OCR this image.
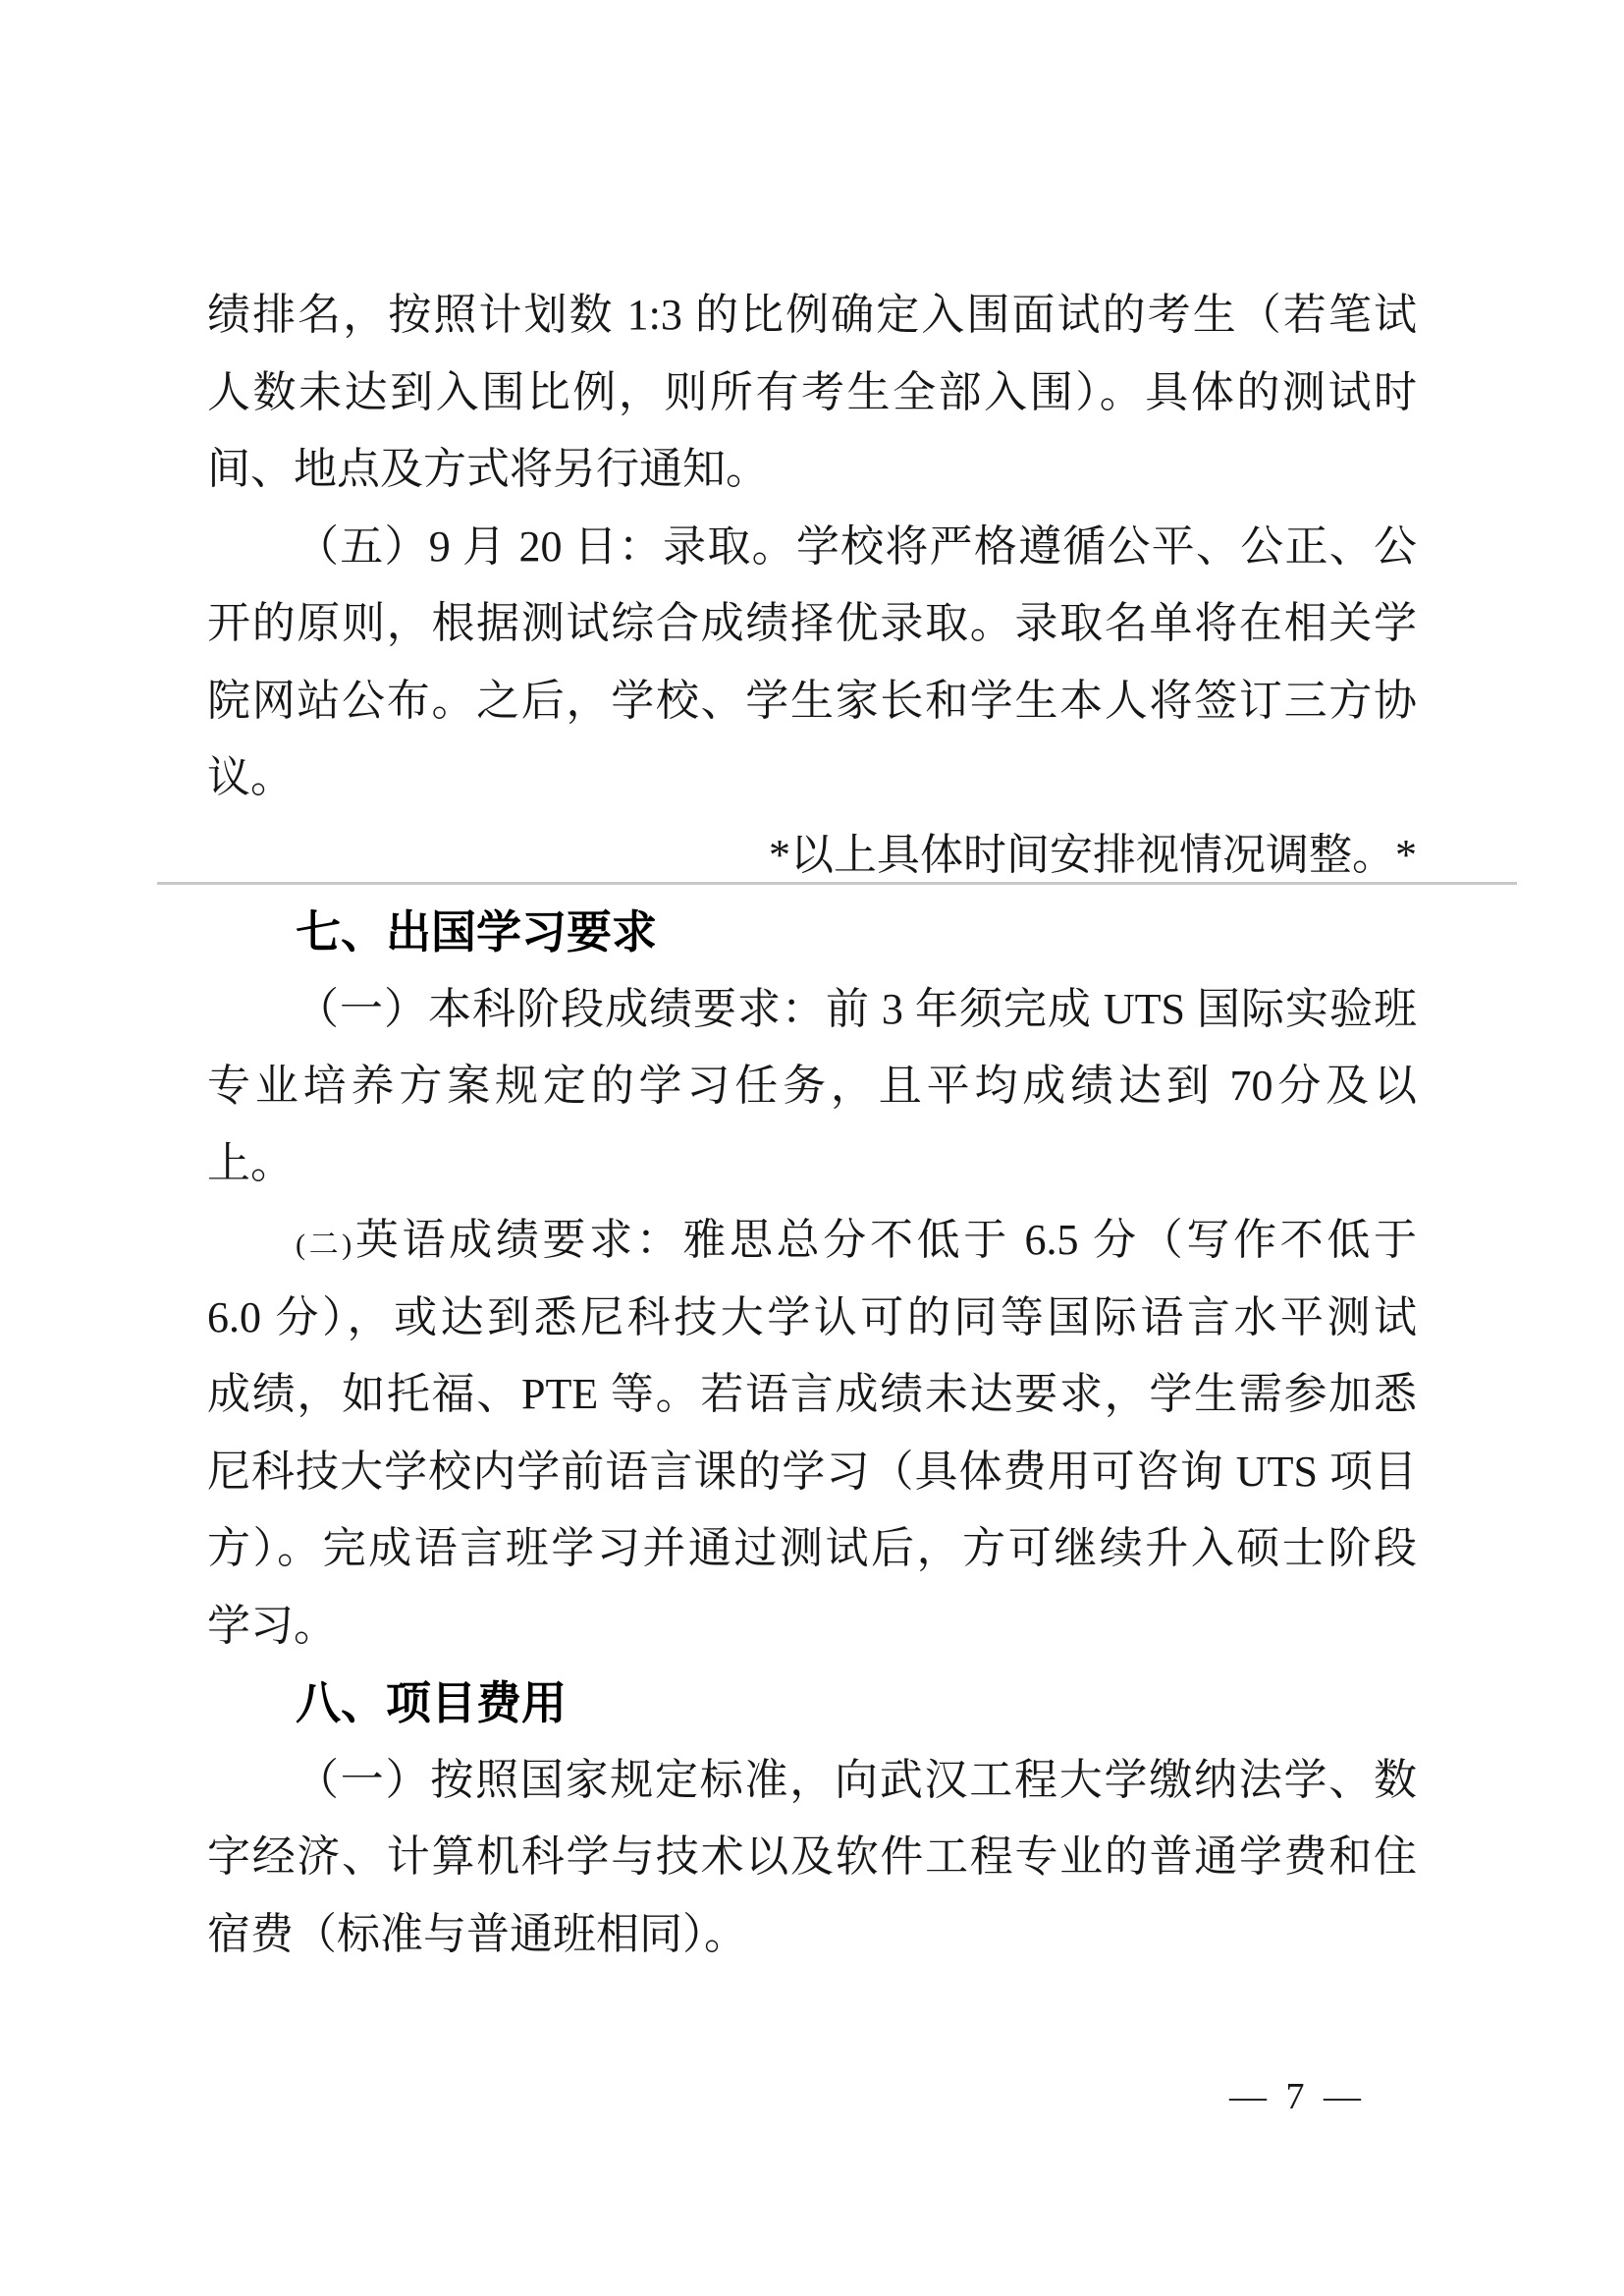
绩排名，按照计划数 1:3 的比例确定入围面试的考生（若笔试
人数未达到入围比例，则所有考生全部入围）。具体的测试时
间、地点及方式将另行通知。
（五）9 月 20 日：录取。学校将严格遵循公平、公正、公
开的原则，根据测试综合成绩择优录取。录取名单将在相关学
院网站公布。之后，学校、学生家长和学生本人将签订三方协
议。
*以上具体时间安排视情况调整。*
七、出国学习要求
（一）本科阶段成绩要求：前 3 年须完成 UTS 国际实验班
专业培养方案规定的学习任务，且平均成绩达到 70分及以
上。
(二)英语成绩要求：雅思总分不低于 6.5 分（写作不低于
6.0 分），或达到悉尼科技大学认可的同等国际语言水平测试
成绩，如托福、PTE 等。若语言成绩未达要求，学生需参加悉
尼科技大学校内学前语言课的学习（具体费用可咨询 UTS 项目
方）。完成语言班学习并通过测试后，方可继续升入硕士阶段
学习。
八、项目费用
（一）按照国家规定标准，向武汉工程大学缴纳法学、数
字经济、计算机科学与技术以及软件工程专业的普通学费和住
宿费（标准与普通班相同）。
— 7 —
